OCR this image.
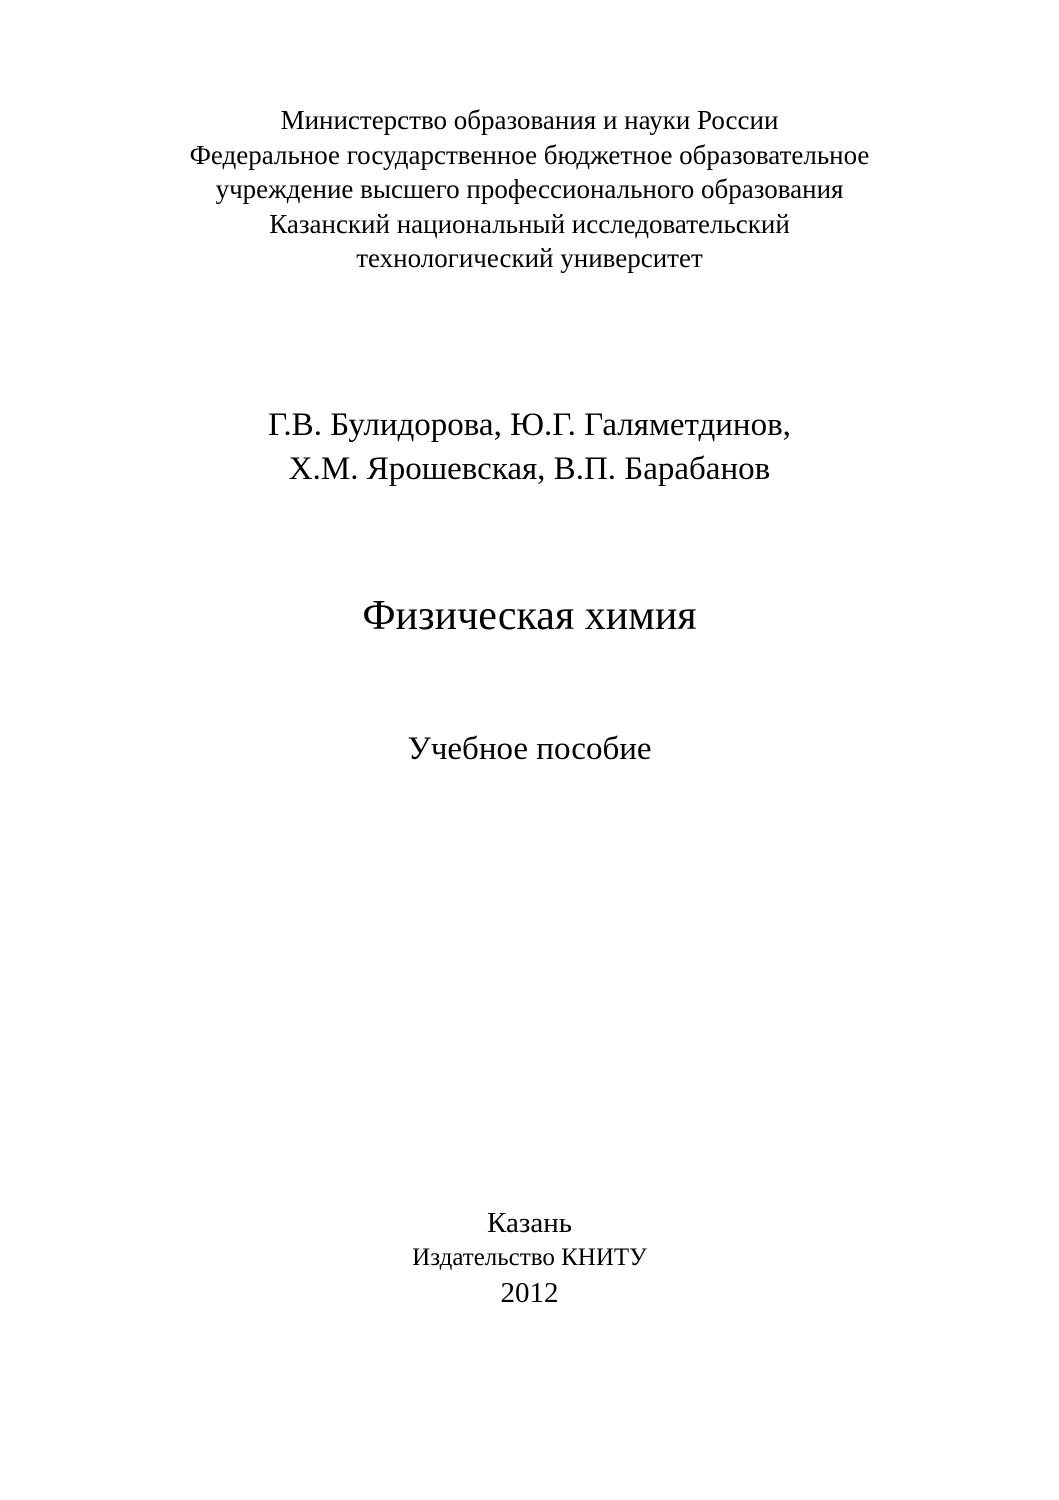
Министерство образования и науки России
Федеральное государственное бюджетное образовательное
учреждение высшего профессионального образования
Казанский национальный исследовательский
технологический университет
Г.В. Булидорова, Ю.Г. Галяметдинов,
Х.М. Ярошевская, В.П. Барабанов
Физическая химия
Учебное пособие
Казань
Издательство КНИТУ
2012
